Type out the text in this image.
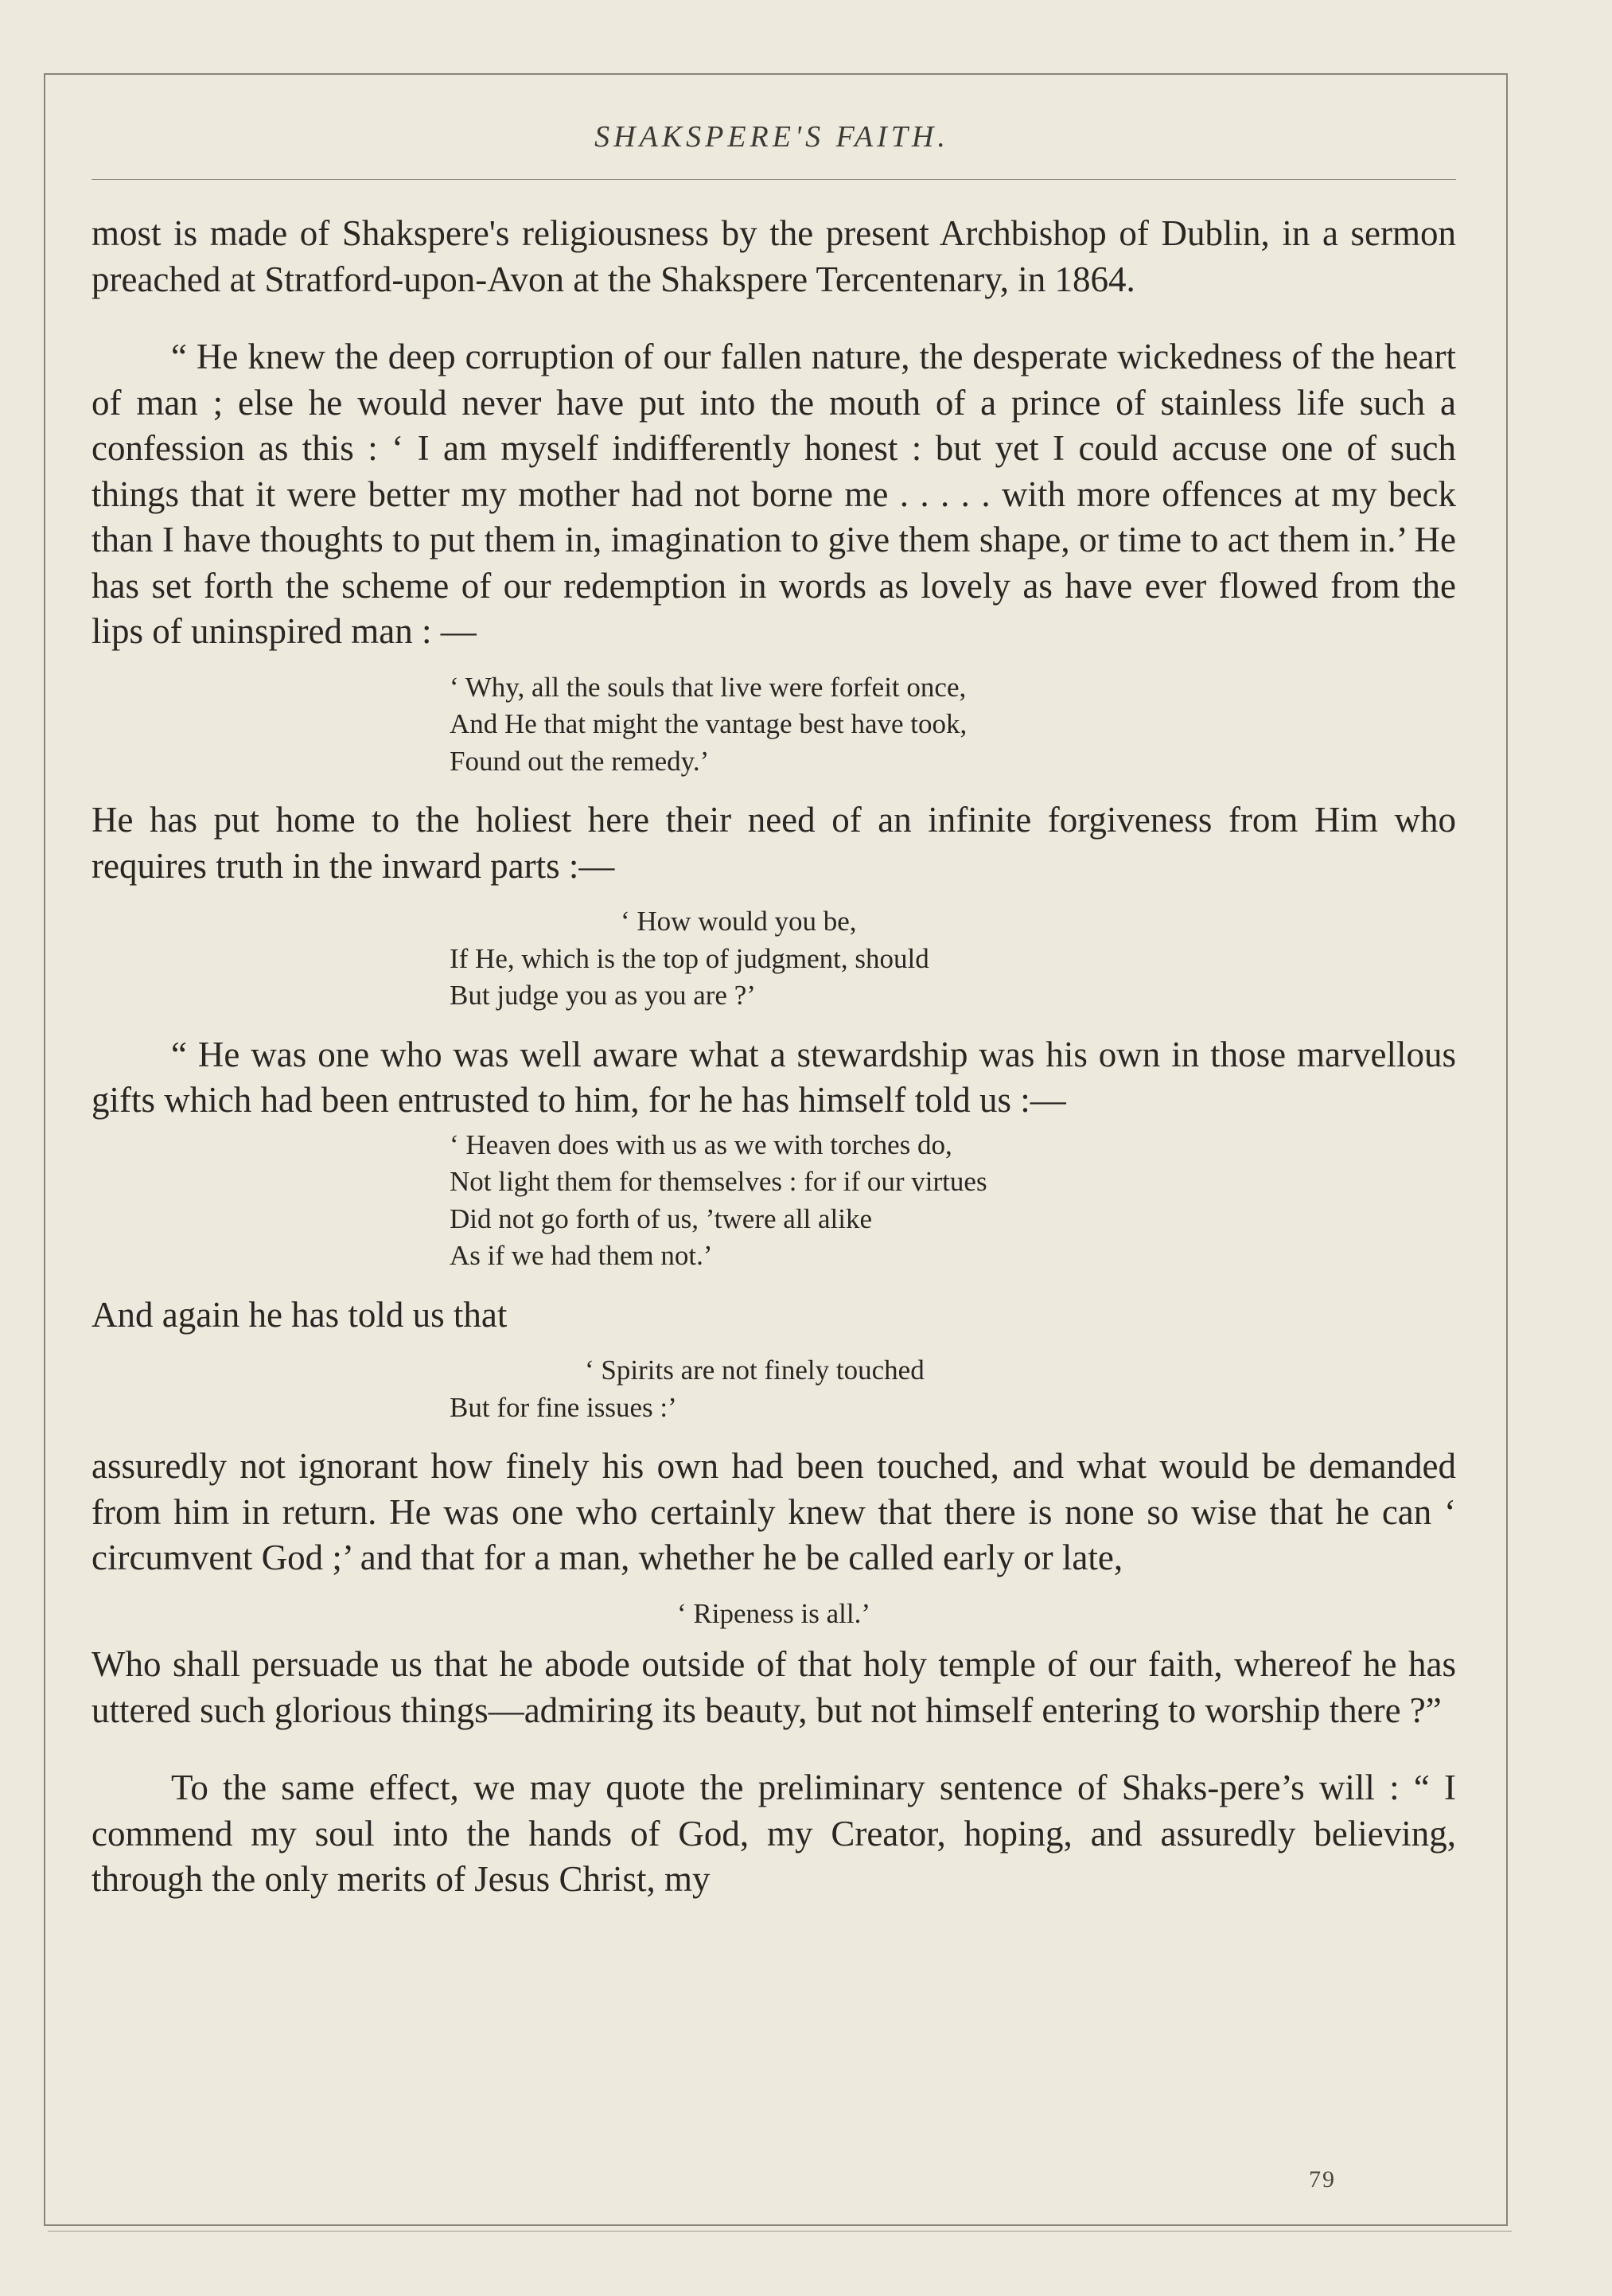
SHAKSPERE'S FAITH.

most is made of Shakspere's religiousness by the present Archbishop of Dublin, in a sermon preached at Stratford-upon-Avon at the Shakspere Tercentenary, in 1864.

“ He knew the deep corruption of our fallen nature, the desperate wickedness of the heart of man ; else he would never have put into the mouth of a prince of stainless life such a confession as this : ‘ I am myself indifferently honest : but yet I could accuse one of such things that it were better my mother had not borne me . . . . . with more offences at my beck than I have thoughts to put them in, imagination to give them shape, or time to act them in.’ He has set forth the scheme of our redemption in words as lovely as have ever flowed from the lips of uninspired man : —

‘ Why, all the souls that live were forfeit once,
And He that might the vantage best have took,
Found out the remedy.’

He has put home to the holiest here their need of an infinite forgiveness from Him who requires truth in the inward parts :—

‘ How would you be,
If He, which is the top of judgment, should
But judge you as you are ?’

“ He was one who was well aware what a stewardship was his own in those marvellous gifts which had been entrusted to him, for he has himself told us :—

‘ Heaven does with us as we with torches do,
Not light them for themselves : for if our virtues
Did not go forth of us, ’twere all alike
As if we had them not.’

And again he has told us that

‘ Spirits are not finely touched
But for fine issues :’

assuredly not ignorant how finely his own had been touched, and what would be demanded from him in return. He was one who certainly knew that there is none so wise that he can ‘ circumvent God ;’ and that for a man, whether he be called early or late,

‘ Ripeness is all.’

Who shall persuade us that he abode outside of that holy temple of our faith, whereof he has uttered such glorious things—admiring its beauty, but not himself entering to worship there ?”

To the same effect, we may quote the preliminary sentence of Shaks-pere’s will : “ I commend my soul into the hands of God, my Creator, hoping, and assuredly believing, through the only merits of Jesus Christ, my

79
